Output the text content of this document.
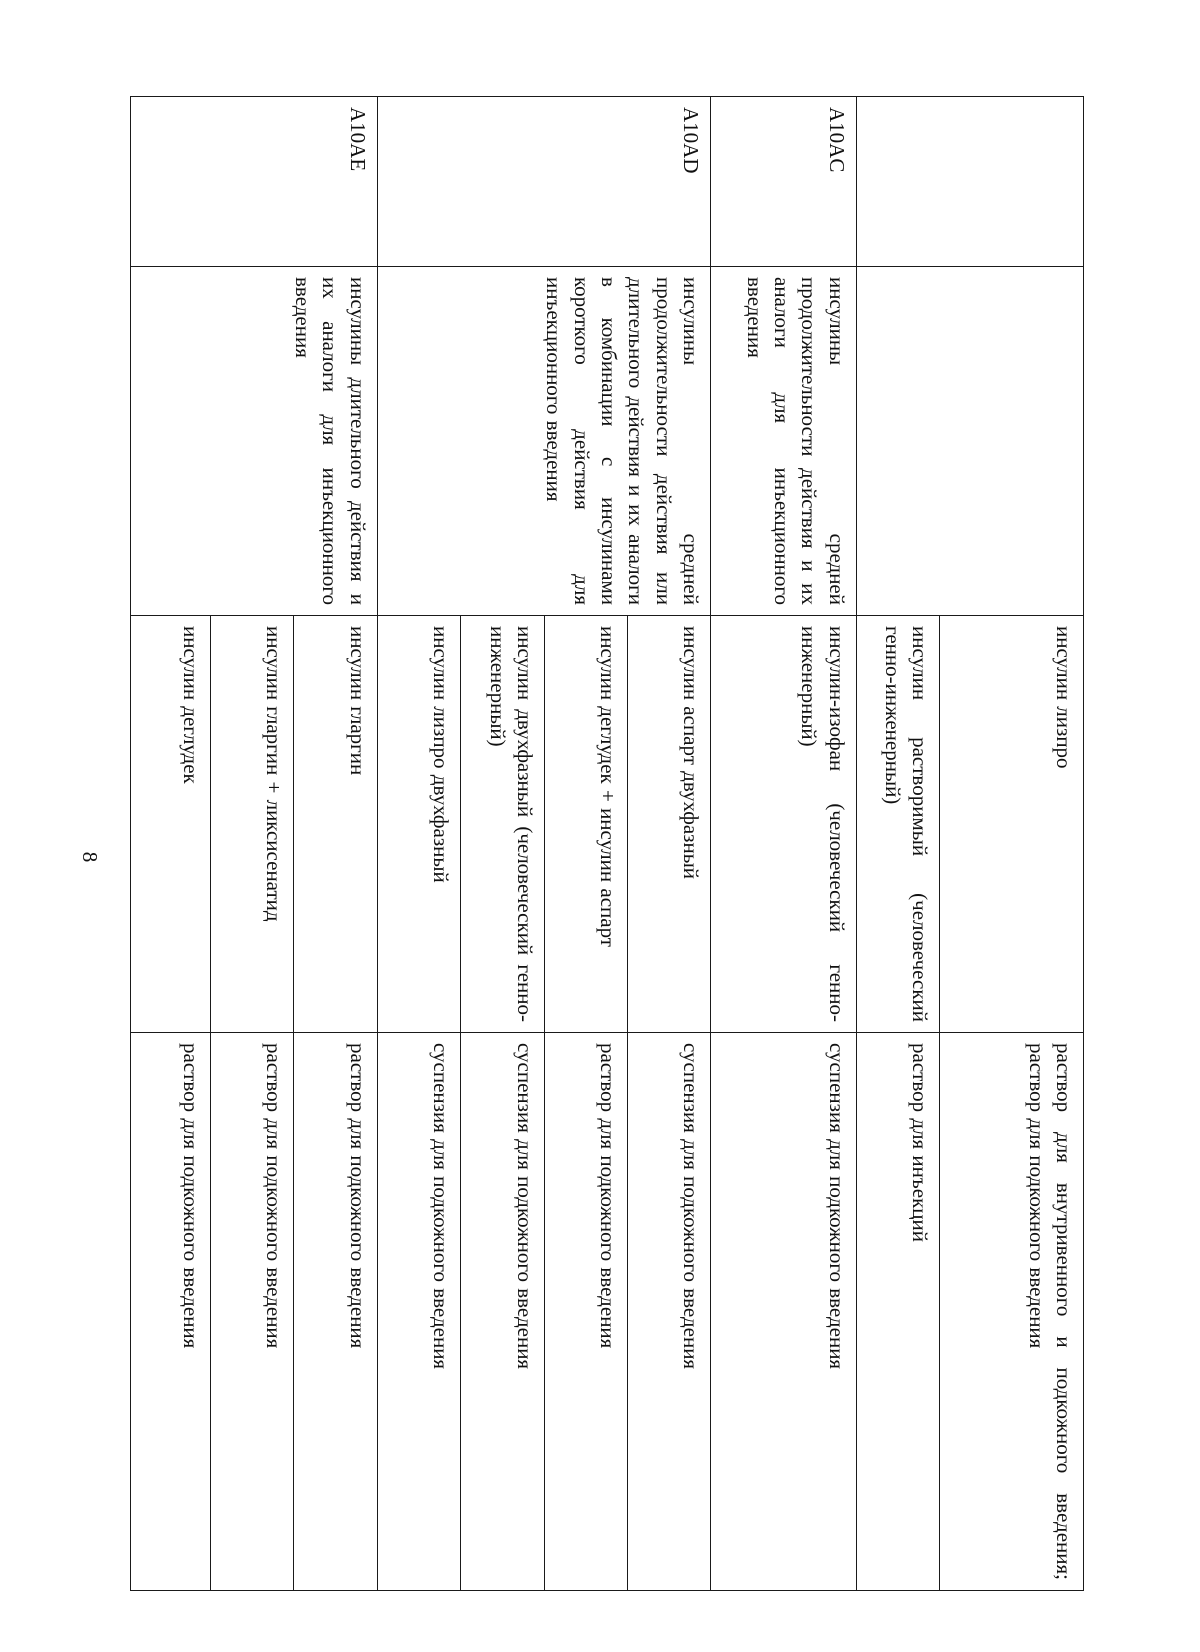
8
		инсулин лизпро	раствор для внутривенного и подкожного введения; раствор для подкожного введения
		инсулин растворимый (человеческий генно-инженерный)	раствор для инъекций
A10AC	инсулины средней продолжительности действия и их аналоги для инъекционного введения	инсулин-изофан (человеческий генно-инженерный)	суспензия для подкожного введения
A10AD	инсулины средней продолжительности действия или длительного действия и их аналоги в комбинации с инсулинами короткого действия для инъекционного введения	инсулин аспарт двухфазный	суспензия для подкожного введения
		инсулин деглудек + инсулин аспарт	раствор для подкожного введения
		инсулин двухфазный (человеческий генно-инженерный)	суспензия для подкожного введения
		инсулин лизпро двухфазный	суспензия для подкожного введения
A10AE	инсулины длительного действия и их аналоги для инъекционного введения	инсулин гларгин	раствор для подкожного введения
		инсулин гларгин + ликсисенатид	раствор для подкожного введения
		инсулин деглудек	раствор для подкожного введения
